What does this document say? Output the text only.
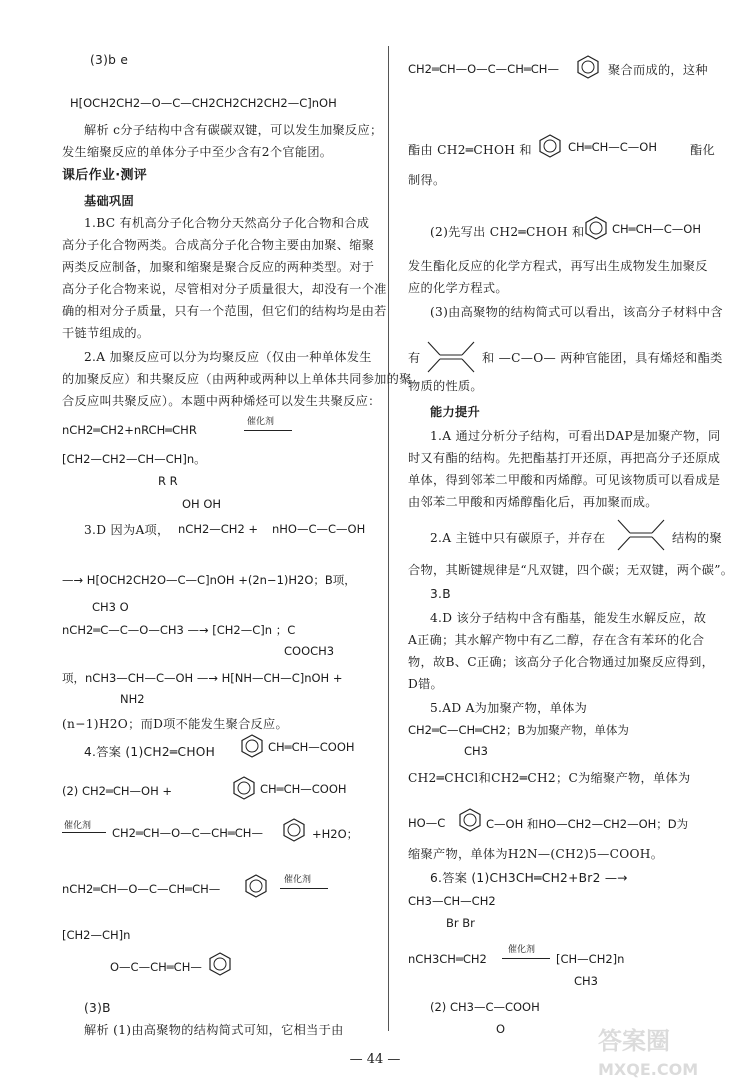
(3)b e
H[OCH2CH2—O—C—CH2CH2CH2CH2—C]nOH
解析 c分子结构中含有碳碳双键，可以发生加聚反应；
发生缩聚反应的单体分子中至少含有2个官能团。
课后作业·测评
基础巩固
1.BC 有机高分子化合物分天然高分子化合物和合成
高分子化合物两类。合成高分子化合物主要由加聚、缩聚
两类反应制备，加聚和缩聚是聚合反应的两种类型。对于
高分子化合物来说，尽管相对分子质量很大，却没有一个准
确的相对分子质量，只有一个范围，但它们的结构均是由若
干链节组成的。
2.A 加聚反应可以分为均聚反应（仅由一种单体发生
的加聚反应）和共聚反应（由两种或两种以上单体共同参加的聚
合反应叫共聚反应）。本题中两种烯烃可以发生共聚反应：
nCH2═CH2+nRCH═CHR
催化剂
[CH2—CH2—CH—CH]n。
R R
OH OH
3.D 因为A项， nCH2—CH2 + nHO—C—C—OH
—→ H[OCH2CH2O—C—C]nOH +(2n−1)H2O；B项，
CH3 O
nCH2═C—C—O—CH3 —→ [CH2—C]n ；C
COOCH3
项，nCH3—CH—C—OH —→ H[NH—CH—C]nOH +
NH2
(n−1)H2O；而D项不能发生聚合反应。
4.答案 (1)CH2═CHOH	CH═CH—COOH
(2) CH2═CH—OH +	CH═CH—COOH
催化剂 CH2═CH—O—C—CH═CH—	+H2O；
nCH2═CH—O—C—CH═CH—
催化剂
[CH2—CH]n
O—C—CH═CH—
(3)B
解析 (1)由高聚物的结构简式可知，它相当于由
CH2═CH—O—C—CH═CH—	聚合而成的，这种
酯由 CH2═CHOH 和	CH═CH—C—OH	酯化
制得。
(2)先写出 CH2═CHOH 和 CH═CH—C—OH
发生酯化反应的化学方程式，再写出生成物发生加聚反
应的化学方程式。
(3)由高聚物的结构简式可以看出，该高分子材料中含
有	和 —C—O— 两种官能团，具有烯烃和酯类
物质的性质。
能力提升
1.A 通过分析分子结构，可看出DAP是加聚产物，同
时又有酯的结构。先把酯基打开还原，再把高分子还原成
单体，得到邻苯二甲酸和丙烯醇。可见该物质可以看成是
由邻苯二甲酸和丙烯醇酯化后，再加聚而成。
2.A 主链中只有碳原子，并存在	结构的聚
合物，其断键规律是“凡双键，四个碳；无双键，两个碳”。
3.B
4.D 该分子结构中含有酯基，能发生水解反应，故
A正确；其水解产物中有乙二醇，存在含有苯环的化合
物，故B、C正确；该高分子化合物通过加聚反应得到，
D错。
5.AD A为加聚产物，单体为
CH2═C—CH═CH2；B为加聚产物，单体为
CH3
CH2═CHCl和CH2═CH2；C为缩聚产物，单体为
HO—C	C—OH 和HO—CH2—CH2—OH；D为
缩聚产物，单体为H2N—(CH2)5—COOH。
6.答案 (1)CH3CH═CH2+Br2 —→
CH3—CH—CH2
Br Br
nCH3CH═CH2
催化剂
[CH—CH2]n
CH3
(2) CH3—C—COOH
O
— 44 —
答案圈
MXQE.COM
